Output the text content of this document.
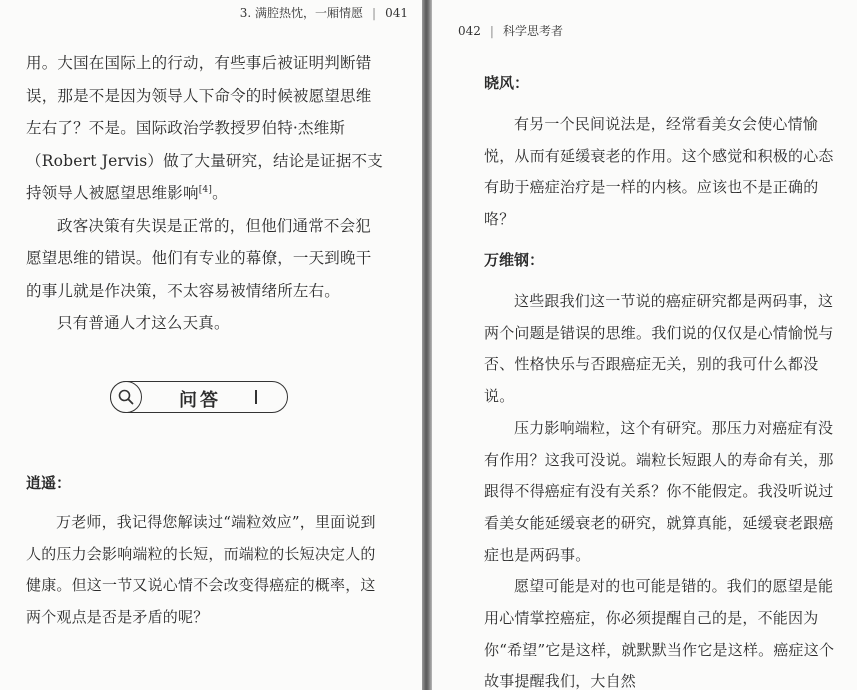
3. 满腔热忱，一厢情愿 | 041

用。大国在国际上的行动，有些事后被证明判断错误，那是不是因为领导人下命令的时候被愿望思维左右了？不是。国际政治学教授罗伯特·杰维斯（Robert Jervis）做了大量研究，结论是证据不支持领导人被愿望思维影响[4]。

政客决策有失误是正常的，但他们通常不会犯愿望思维的错误。他们有专业的幕僚，一天到晚干的事儿就是作决策，不太容易被情绪所左右。

只有普通人才这么天真。

问答
逍遥：

万老师，我记得您解读过“端粒效应”，里面说到人的压力会影响端粒的长短，而端粒的长短决定人的健康。但这一节又说心情不会改变得癌症的概率，这两个观点是否是矛盾的呢？

042 | 科学思考者
晓风：

有另一个民间说法是，经常看美女会使心情愉悦，从而有延缓衰老的作用。这个感觉和积极的心态有助于癌症治疗是一样的内核。应该也不是正确的咯？

万维钢：

这些跟我们这一节说的癌症研究都是两码事，这两个问题是错误的思维。我们说的仅仅是心情愉悦与否、性格快乐与否跟癌症无关，别的我可什么都没说。

压力影响端粒，这个有研究。那压力对癌症有没有作用？这我可没说。端粒长短跟人的寿命有关，那跟得不得癌症有没有关系？你不能假定。我没听说过看美女能延缓衰老的研究，就算真能，延缓衰老跟癌症也是两码事。

愿望可能是对的也可能是错的。我们的愿望是能用心情掌控癌症，你必须提醒自己的是，不能因为你“希望”它是这样，就默默当作它是这样。癌症这个故事提醒我们，大自然
